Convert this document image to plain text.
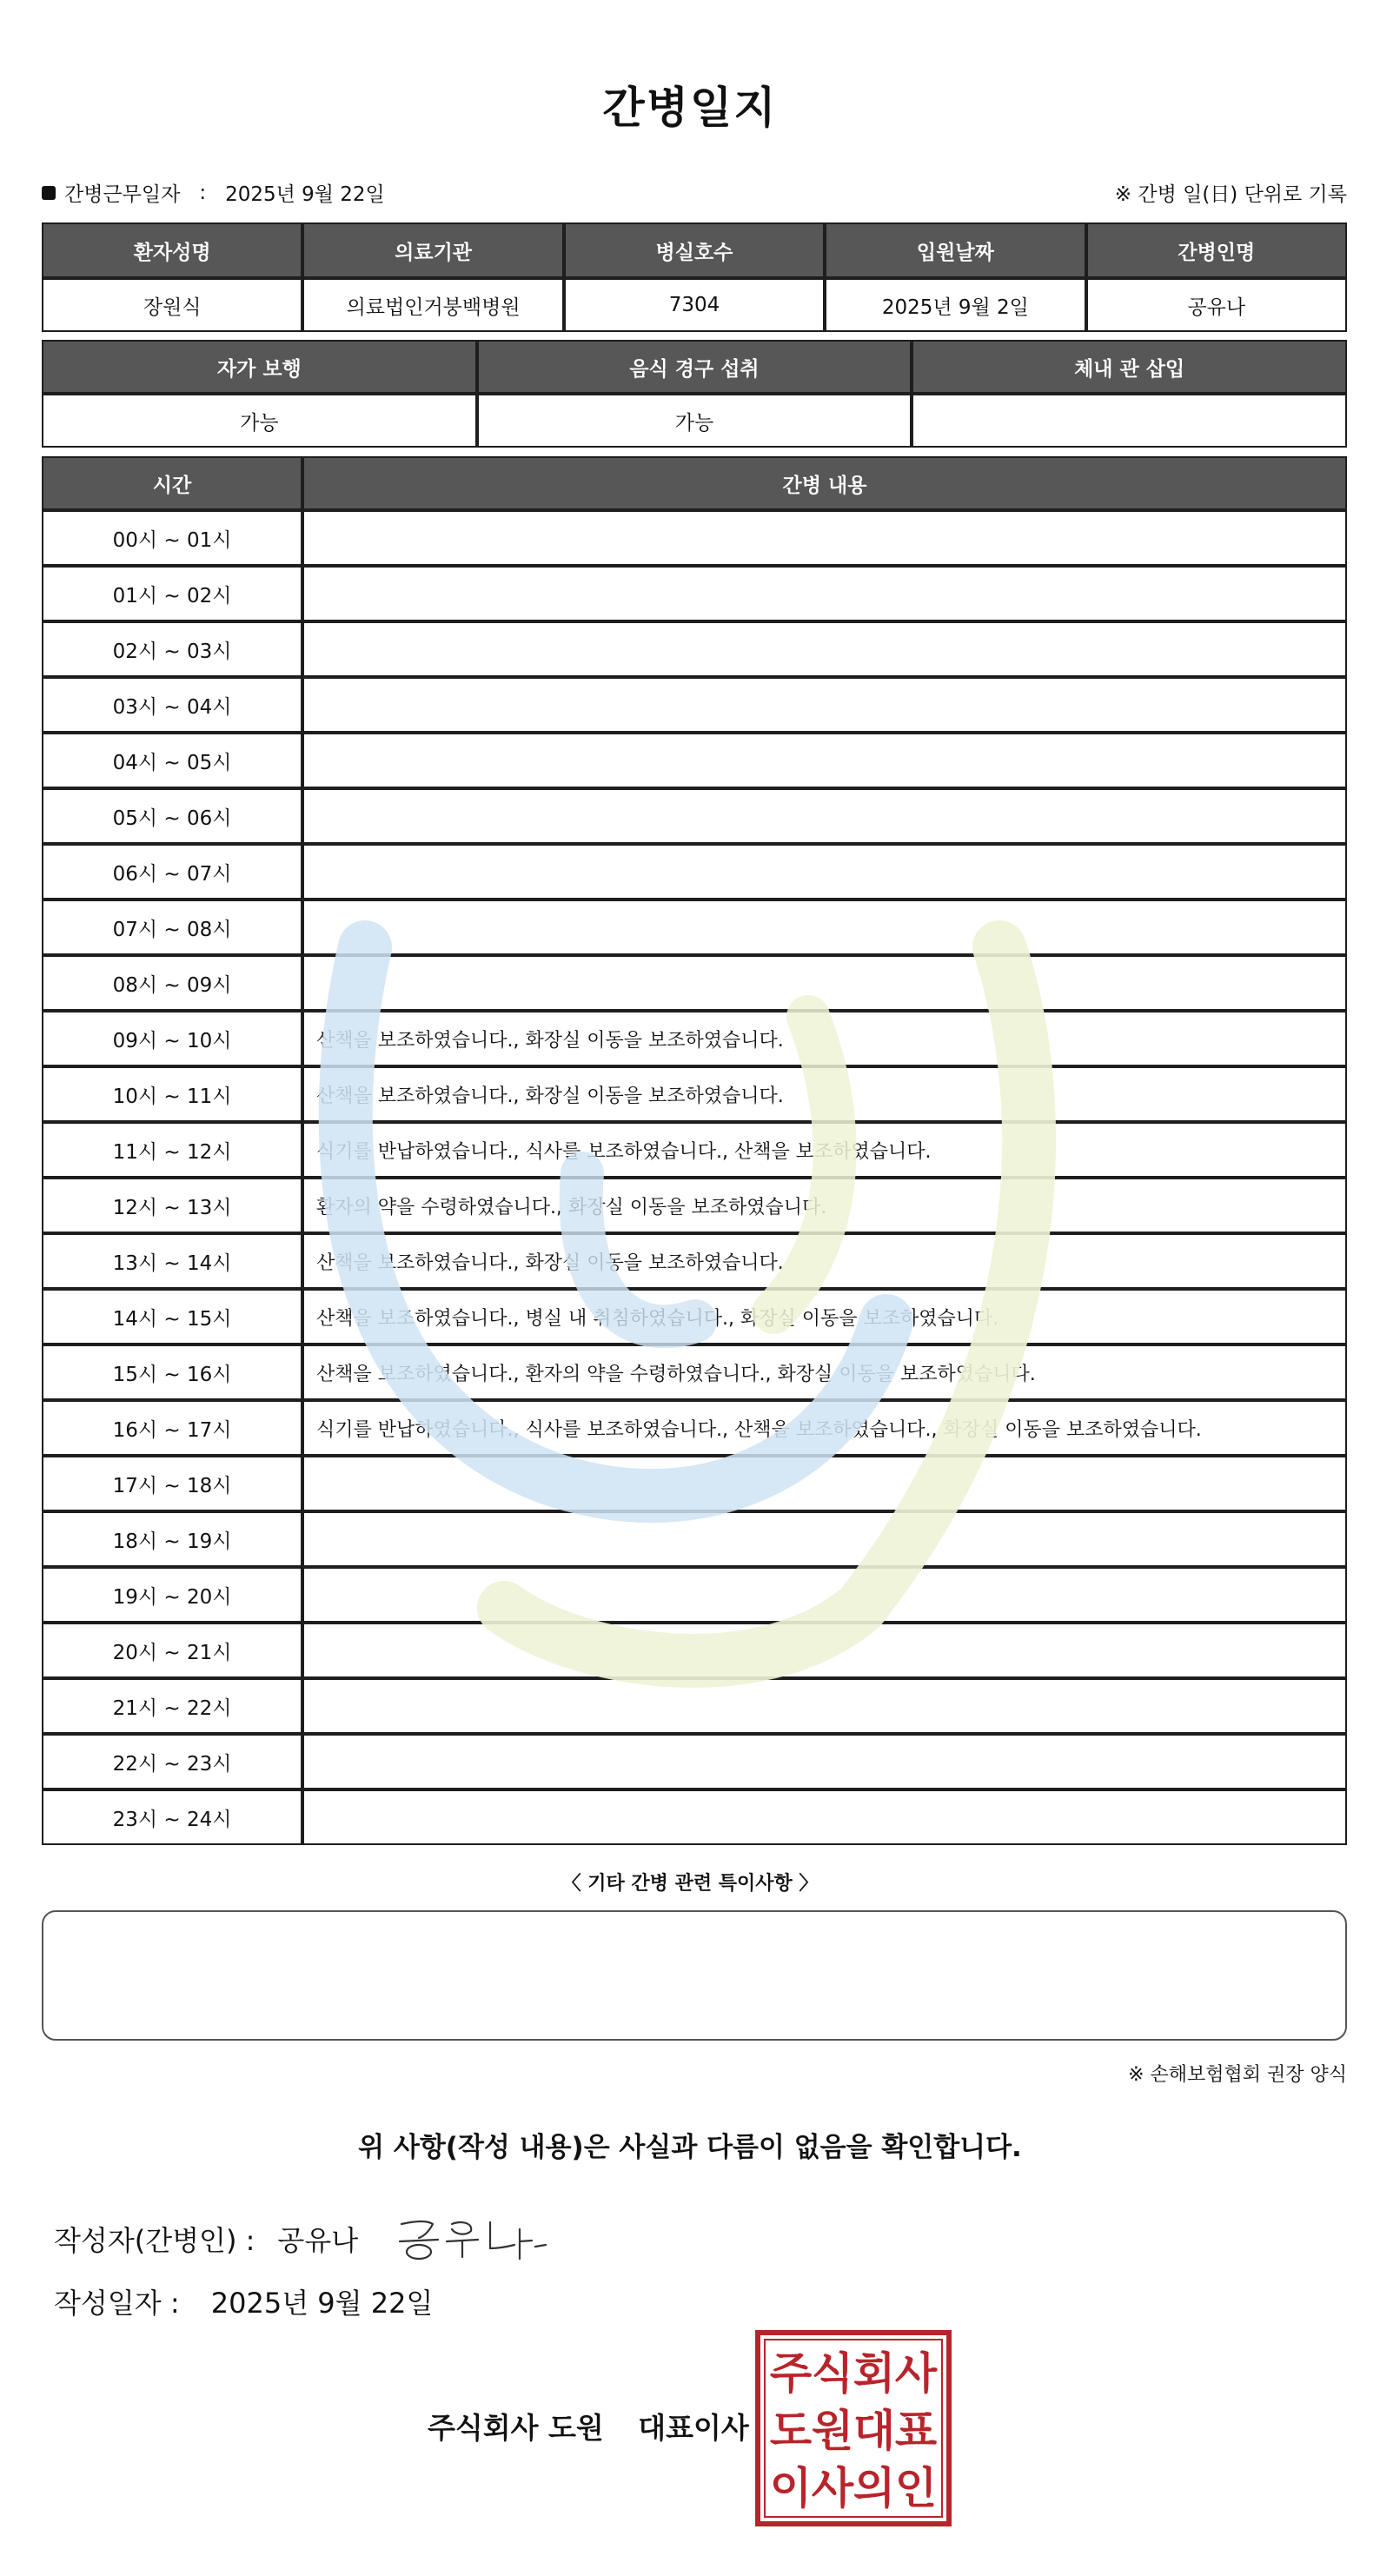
간병일지
간병근무일자 : 2025년 9월 22일	※ 간병 일(日) 단위로 기록
환자성명	의료기관	병실호수	입원날짜	간병인명
장원식	의료법인거붕백병원	7304	2025년 9월 2일	공유나
자가 보행	음식 경구 섭취	체내 관 삽입
가능	가능	
시간	간병 내용
00시 ~ 01시	
01시 ~ 02시	
02시 ~ 03시	
03시 ~ 04시	
04시 ~ 05시	
05시 ~ 06시	
06시 ~ 07시	
07시 ~ 08시	
08시 ~ 09시	
09시 ~ 10시	산책을 보조하였습니다., 화장실 이동을 보조하였습니다.
10시 ~ 11시	산책을 보조하였습니다., 화장실 이동을 보조하였습니다.
11시 ~ 12시	식기를 반납하였습니다., 식사를 보조하였습니다., 산책을 보조하였습니다.
12시 ~ 13시	환자의 약을 수령하였습니다., 화장실 이동을 보조하였습니다.
13시 ~ 14시	산책을 보조하였습니다., 화장실 이동을 보조하였습니다.
14시 ~ 15시	산책을 보조하였습니다., 병실 내 취침하였습니다., 화장실 이동을 보조하였습니다.
15시 ~ 16시	산책을 보조하였습니다., 환자의 약을 수령하였습니다., 화장실 이동을 보조하였습니다.
16시 ~ 17시	식기를 반납하였습니다., 식사를 보조하였습니다., 산책을 보조하였습니다., 화장실 이동을 보조하였습니다.
17시 ~ 18시	
18시 ~ 19시	
19시 ~ 20시	
20시 ~ 21시	
21시 ~ 22시	
22시 ~ 23시	
23시 ~ 24시	
〈 기타 간병 관련 특이사항 〉
※ 손해보험협회 권장 양식
위 사항(작성 내용)은 사실과 다름이 없음을 확인합니다.
작성자(간병인) : 공유나
작성일자 : 2025년 9월 22일
주식회사 도원 대표이사
주 식 회 사
도 원 대 표
이 사 의 인
